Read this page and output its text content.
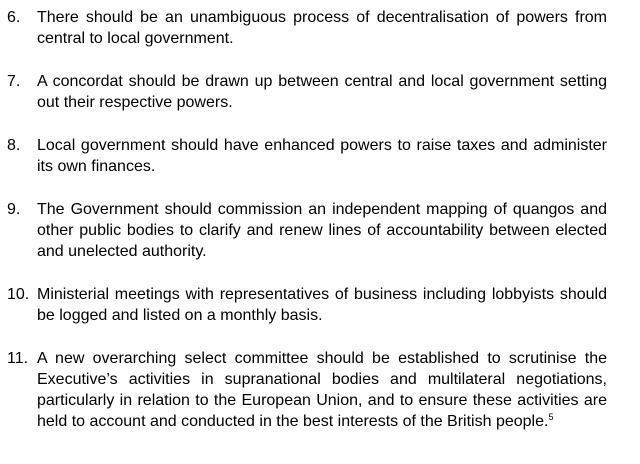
6.	There should be an unambiguous process of decentralisation of powers from central to local government.
7.	A concordat should be drawn up between central and local government setting out their respective powers.
8.	Local government should have enhanced powers to raise taxes and administer its own finances.
9.	The Government should commission an independent mapping of quangos and other public bodies to clarify and renew lines of accountability between elected and unelected authority.
10. Ministerial meetings with representatives of business including lobbyists should be logged and listed on a monthly basis.
11. A new overarching select committee should be established to scrutinise the Executive’s activities in supranational bodies and multilateral negotiations, particularly in relation to the European Union, and to ensure these activities are held to account and conducted in the best interests of the British people.$^5$
